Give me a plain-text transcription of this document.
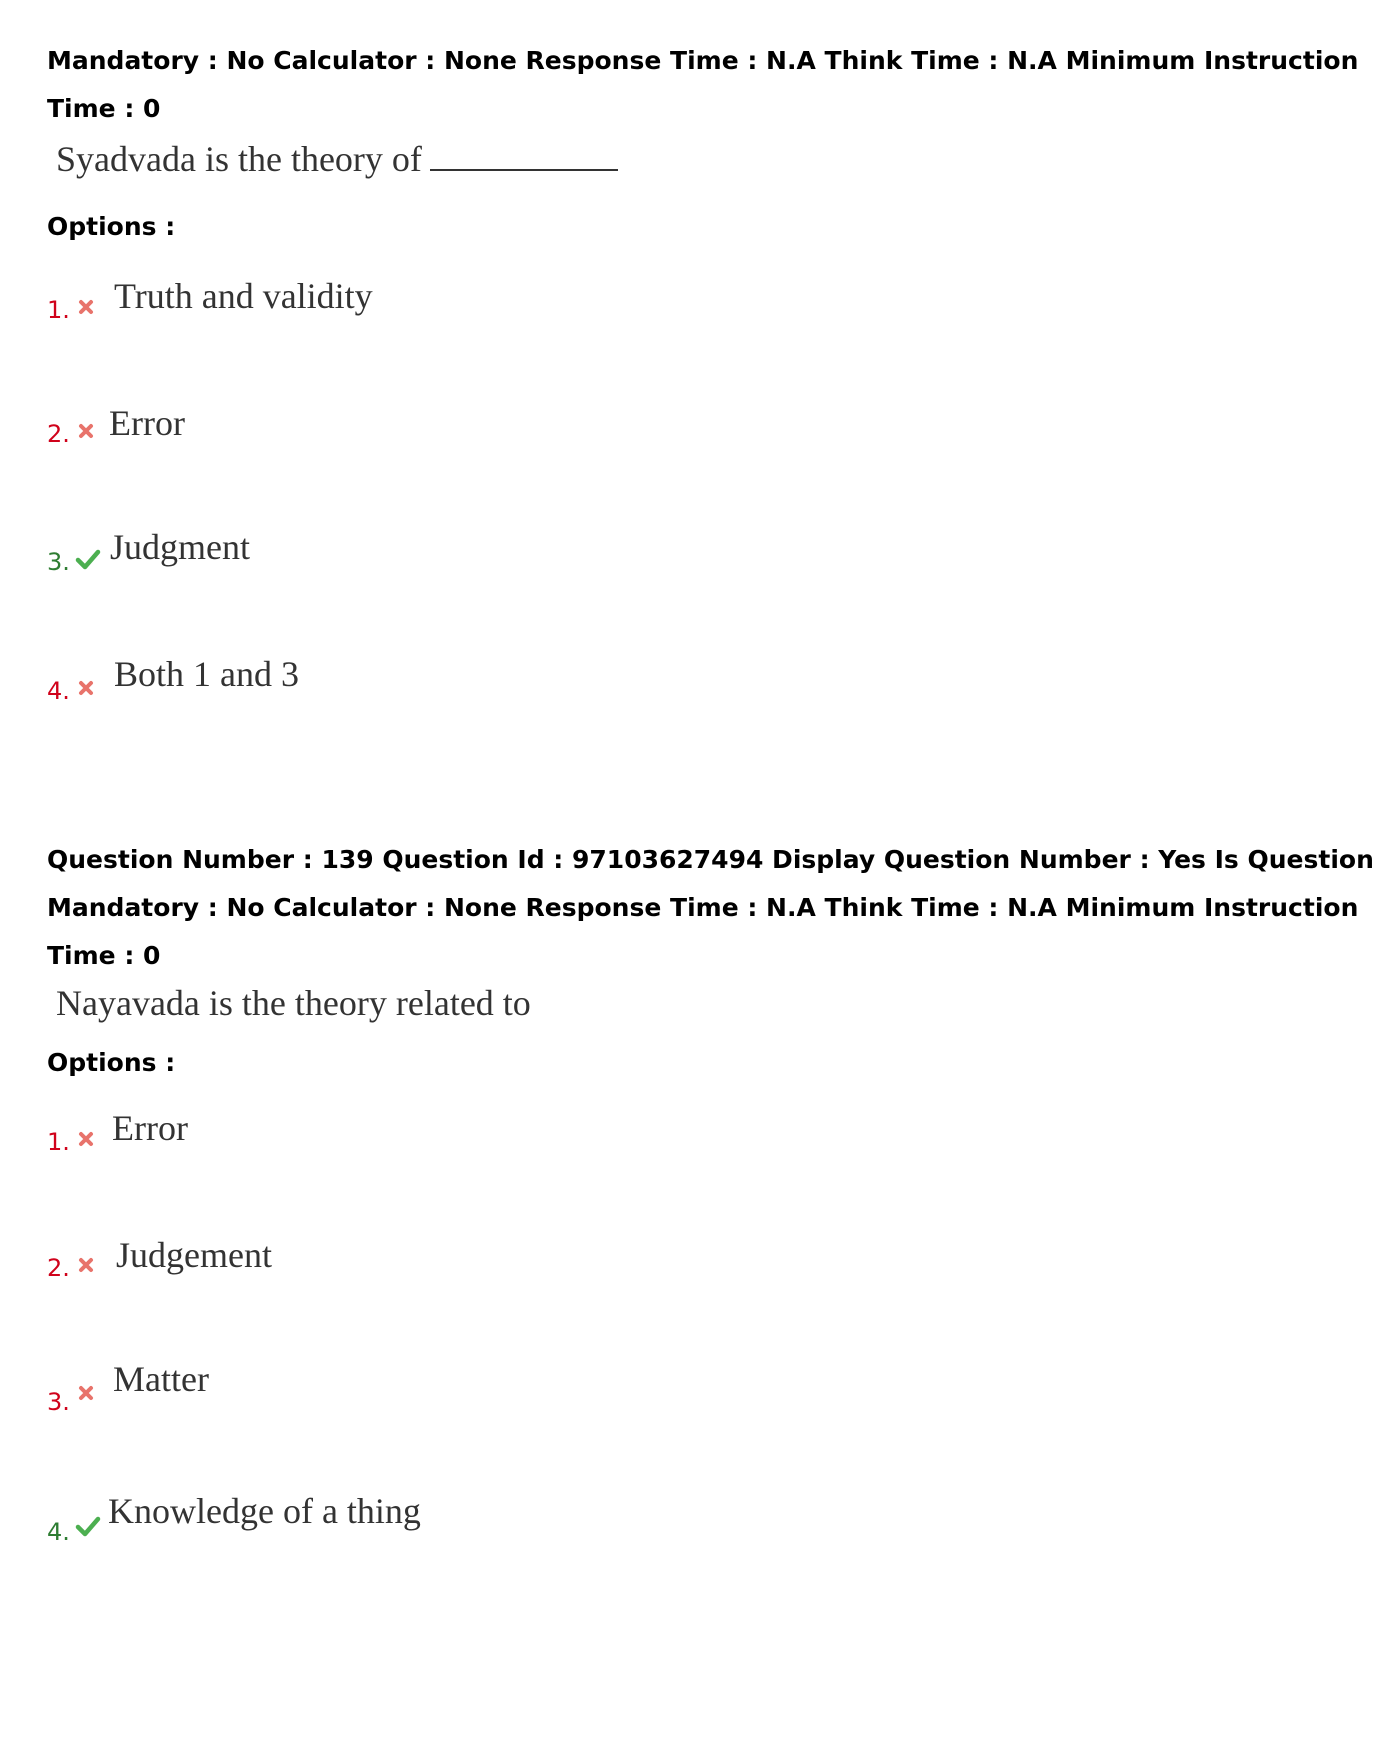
Mandatory : No Calculator : None Response Time : N.A Think Time : N.A Minimum Instruction
Time : 0
Syadvada is the theory of
Options :
1. Truth and validity
2. Error
3. Judgment
4. Both 1 and 3
Question Number : 139 Question Id : 97103627494 Display Question Number : Yes Is Question
Mandatory : No Calculator : None Response Time : N.A Think Time : N.A Minimum Instruction
Time : 0
Nayavada is the theory related to
Options :
1. Error
2. Judgement
3.
Matter
4.
Knowledge of a thing
